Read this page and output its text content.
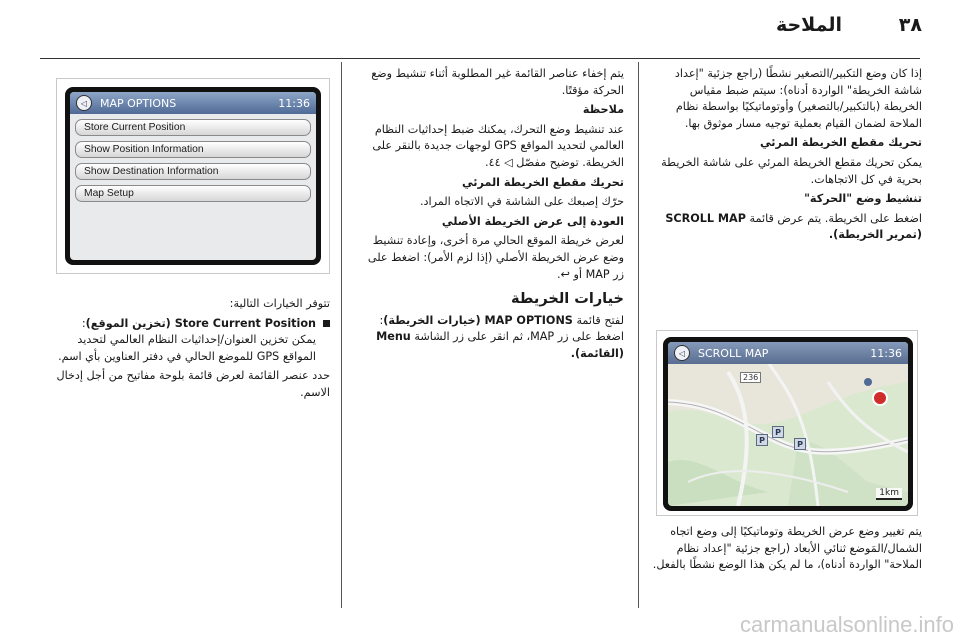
الملاحة	٣٨

إذا كان وضع التكبير/التصغير نشطًا (راجع جزئية "إعداد شاشة الخريطة" الواردة أدناه): سيتم ضبط مقياس الخريطة (بالتكبير/بالتصغير) وأوتوماتيكيًا بواسطة نظام الملاحة لضمان القيام بعملية توجيه مسار موثوق بها.

تحريك مقطع الخريطة المرئي

يمكن تحريك مقطع الخريطة المرئي على شاشة الخريطة بحرية في كل الاتجاهات.

تنشيط وضع "الحركة"

اضغط على الخريطة. يتم عرض قائمة SCROLL MAP (تمرير الخريطة).

◁	SCROLL MAP	11:36
236
P
P
P
1km

يتم تغيير وضع عرض الخريطة وتوماتيكيًا إلى وضع اتجاه الشمال/المَوضع ثنائي الأبعاد (راجع جزئية "إعداد نظام الملاحة" الواردة أدناه)، ما لم يكن هذا الوضع نشطًا بالفعل.

يتم إخفاء عناصر القائمة غير المطلوبة أثناء تنشيط وضع الحركة مؤقتًا.

ملاحظة

عند تنشيط وضع التحرك، يمكنك ضبط إحداثيات النظام العالمي لتحديد المواقع GPS لوجهات جديدة بالنقر على الخريطة. توضيح مفصّل ◁ ٤٤.

تحريك مقطع الخريطة المرئي

حرّك إصبعك على الشاشة في الاتجاه المراد.

العودة إلى عرض الخريطة الأصلي

لعرض خريطة الموقع الحالي مرة أخرى، وإعادة تنشيط وضع عرض الخريطة الأصلي (إذا لزم الأمر): اضغط على زر MAP أو ↩.

خيارات الخريطة

لفتح قائمة MAP OPTIONS (خيارات الخريطة): اضغط على زر MAP، ثم انقر على زر الشاشة Menu (القائمة).

◁	MAP OPTIONS	11:36
Store Current Position
Show Position Information
Show Destination Information
Map Setup

تتوفر الخيارات التالية:

Store Current Position (تخزين الموقع): يمكن تخزين العنوان/إحداثيات النظام العالمي لتحديد المواقع GPS للموضع الحالي في دفتر العناوين بأي اسم.

حدد عنصر القائمة لعرض قائمة بلوحة مفاتيح من أجل إدخال الاسم.

carmanualsonline.info
